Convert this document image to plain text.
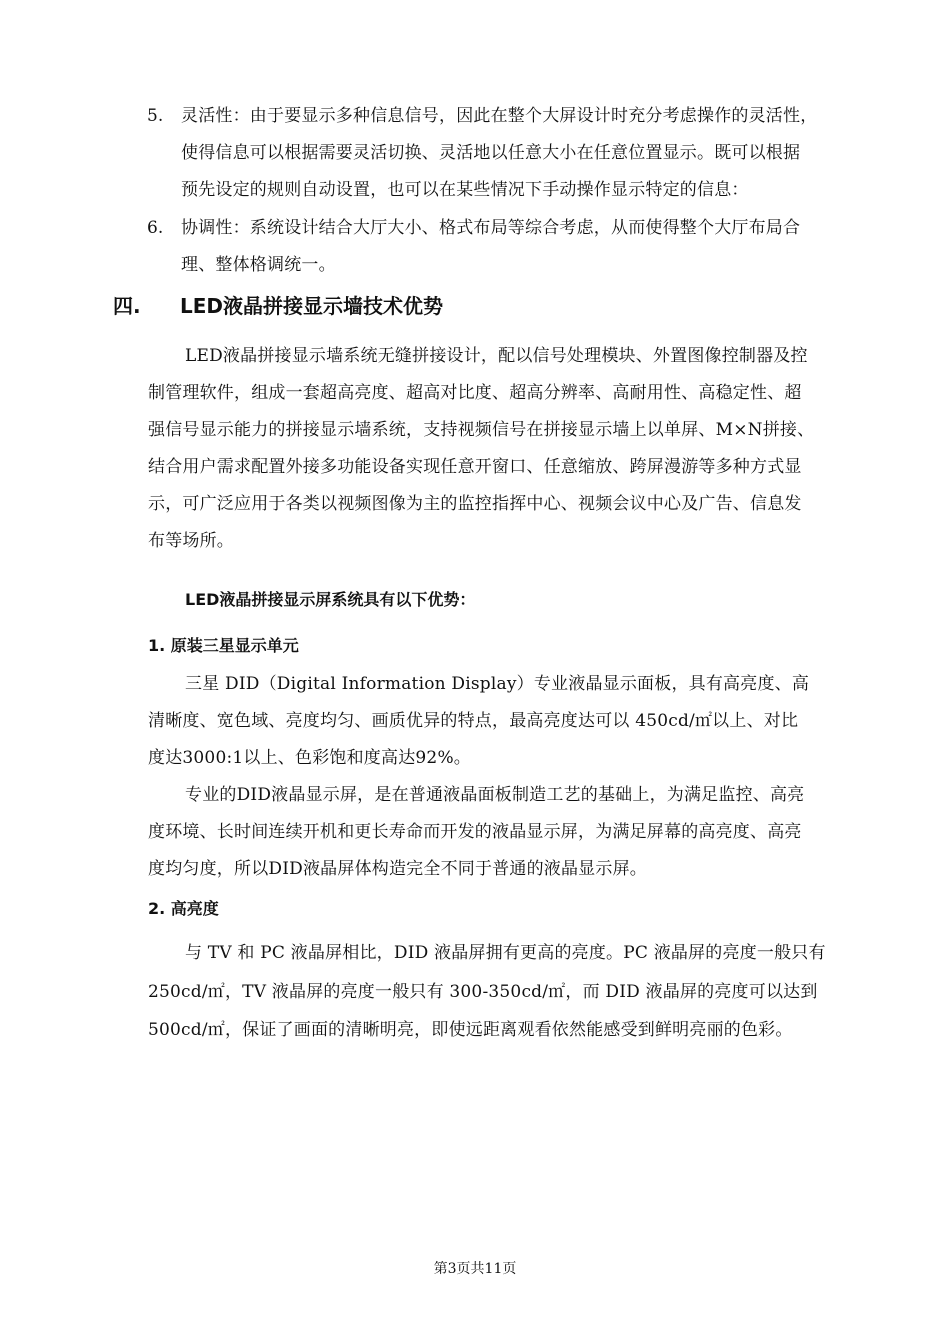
5. 灵活性：由于要显示多种信息信号，因此在整个大屏设计时充分考虑操作的灵活性，
使得信息可以根据需要灵活切换、灵活地以任意大小在任意位置显示。既可以根据
预先设定的规则自动设置，也可以在某些情况下手动操作显示特定的信息：
6. 协调性：系统设计结合大厅大小、格式布局等综合考虑，从而使得整个大厅布局合
理、整体格调统一。
四. LED液晶拼接显示墙技术优势
LED液晶拼接显示墙系统无缝拼接设计，配以信号处理模块、外置图像控制器及控
制管理软件，组成一套超高亮度、超高对比度、超高分辨率、高耐用性、高稳定性、超
强信号显示能力的拼接显示墙系统，支持视频信号在拼接显示墙上以单屏、M×N拼接、
结合用户需求配置外接多功能设备实现任意开窗口、任意缩放、跨屏漫游等多种方式显
示，可广泛应用于各类以视频图像为主的监控指挥中心、视频会议中心及广告、信息发
布等场所。
LED液晶拼接显示屏系统具有以下优势：
1. 原装三星显示单元
三星 DID（Digital Information Display）专业液晶显示面板，具有高亮度、高
清晰度、宽色域、亮度均匀、画质优异的特点，最高亮度达可以 450cd/㎡以上、对比
度达3000:1以上、色彩饱和度高达92%。
专业的DID液晶显示屏，是在普通液晶面板制造工艺的基础上，为满足监控、高亮
度环境、长时间连续开机和更长寿命而开发的液晶显示屏，为满足屏幕的高亮度、高亮
度均匀度，所以DID液晶屏体构造完全不同于普通的液晶显示屏。
2. 高亮度
与 TV 和 PC 液晶屏相比，DID 液晶屏拥有更高的亮度。PC 液晶屏的亮度一般只有
250cd/㎡，TV 液晶屏的亮度一般只有 300-350cd/㎡，而 DID 液晶屏的亮度可以达到
500cd/㎡，保证了画面的清晰明亮，即使远距离观看依然能感受到鲜明亮丽的色彩。
第3页共11页
